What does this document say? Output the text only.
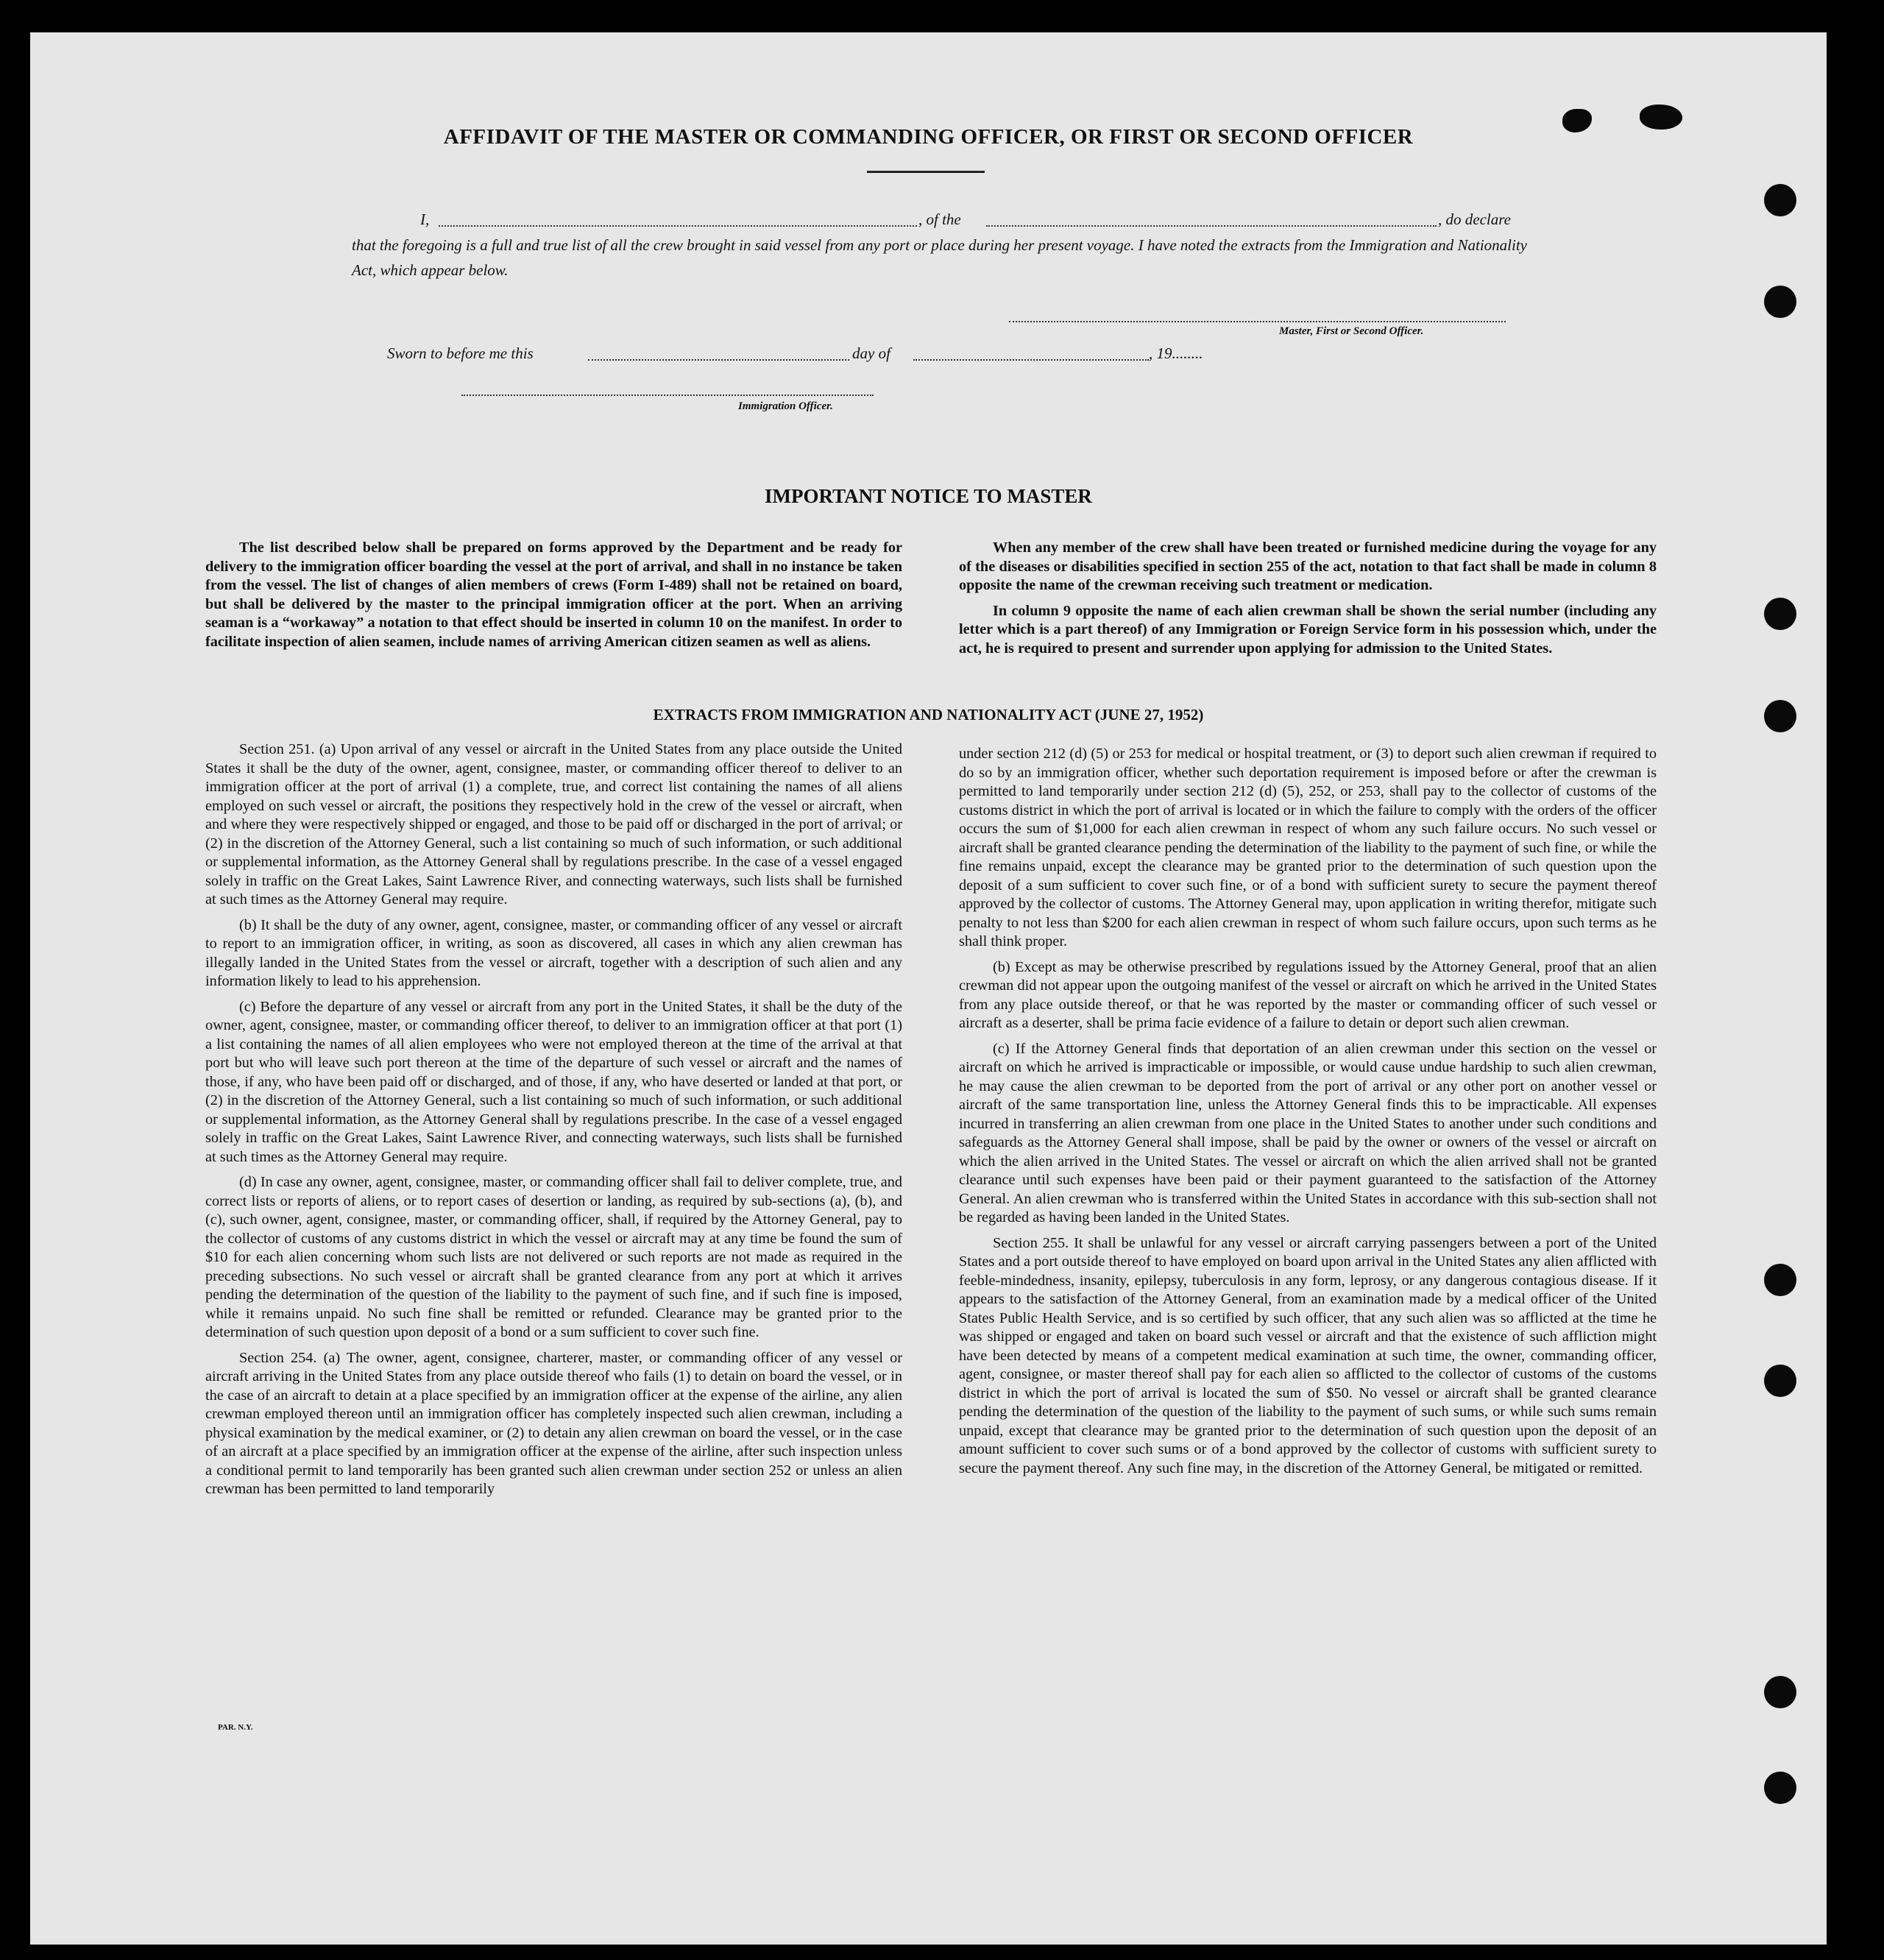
AFFIDAVIT OF THE MASTER OR COMMANDING OFFICER, OR FIRST OR SECOND OFFICER
I,	, of the	, do declare
that the foregoing is a full and true list of all the crew brought in said vessel from any port or place during her present voyage. I have noted the extracts from the Immigration and Nationality Act, which appear below.
Master, First or Second Officer.
Sworn to before me this	day of	, 19........
Immigration Officer.
IMPORTANT NOTICE TO MASTER

The list described below shall be prepared on forms approved by the Department and be ready for delivery to the immigration officer boarding the vessel at the port of arrival, and shall in no instance be taken from the vessel. The list of changes of alien members of crews (Form I-489) shall not be retained on board, but shall be delivered by the master to the principal immigration officer at the port. When an arriving seaman is a “workaway” a notation to that effect should be inserted in column 10 on the manifest. In order to facilitate inspection of alien seamen, include names of arriving American citizen seamen as well as aliens.

When any member of the crew shall have been treated or furnished medicine during the voyage for any of the diseases or disabilities specified in section 255 of the act, notation to that fact shall be made in column 8 opposite the name of the crewman receiving such treatment or medication.

In column 9 opposite the name of each alien crewman shall be shown the serial number (including any letter which is a part thereof) of any Immigration or Foreign Service form in his possession which, under the act, he is required to present and surrender upon applying for admission to the United States.

EXTRACTS FROM IMMIGRATION AND NATIONALITY ACT (JUNE 27, 1952)

Section 251. (a) Upon arrival of any vessel or aircraft in the United States from any place outside the United States it shall be the duty of the owner, agent, consignee, master, or commanding officer thereof to deliver to an immigration officer at the port of arrival (1) a complete, true, and correct list containing the names of all aliens employed on such vessel or aircraft, the positions they respectively hold in the crew of the vessel or aircraft, when and where they were respectively shipped or engaged, and those to be paid off or discharged in the port of arrival; or (2) in the discretion of the Attorney General, such a list containing so much of such information, or such additional or supplemental information, as the Attorney General shall by regulations prescribe. In the case of a vessel engaged solely in traffic on the Great Lakes, Saint Lawrence River, and connecting waterways, such lists shall be furnished at such times as the Attorney General may require.

(b) It shall be the duty of any owner, agent, consignee, master, or commanding officer of any vessel or aircraft to report to an immigration officer, in writing, as soon as discovered, all cases in which any alien crewman has illegally landed in the United States from the vessel or aircraft, together with a description of such alien and any information likely to lead to his apprehension.

(c) Before the departure of any vessel or aircraft from any port in the United States, it shall be the duty of the owner, agent, consignee, master, or commanding officer thereof, to deliver to an immigration officer at that port (1) a list containing the names of all alien employees who were not employed thereon at the time of the arrival at that port but who will leave such port thereon at the time of the departure of such vessel or aircraft and the names of those, if any, who have been paid off or discharged, and of those, if any, who have deserted or landed at that port, or (2) in the discretion of the Attorney General, such a list containing so much of such information, or such additional or supplemental information, as the Attorney General shall by regulations prescribe. In the case of a vessel engaged solely in traffic on the Great Lakes, Saint Lawrence River, and connecting waterways, such lists shall be furnished at such times as the Attorney General may require.

(d) In case any owner, agent, consignee, master, or commanding officer shall fail to deliver complete, true, and correct lists or reports of aliens, or to report cases of desertion or landing, as required by sub-sections (a), (b), and (c), such owner, agent, consignee, master, or commanding officer, shall, if required by the Attorney General, pay to the collector of customs of any customs district in which the vessel or aircraft may at any time be found the sum of $10 for each alien concerning whom such lists are not delivered or such reports are not made as required in the preceding subsections. No such vessel or aircraft shall be granted clearance from any port at which it arrives pending the determination of the question of the liability to the payment of such fine, and if such fine is imposed, while it remains unpaid. No such fine shall be remitted or refunded. Clearance may be granted prior to the determination of such question upon deposit of a bond or a sum sufficient to cover such fine.

Section 254. (a) The owner, agent, consignee, charterer, master, or commanding officer of any vessel or aircraft arriving in the United States from any place outside thereof who fails (1) to detain on board the vessel, or in the case of an aircraft to detain at a place specified by an immigration officer at the expense of the airline, any alien crewman employed thereon until an immigration officer has completely inspected such alien crewman, including a physical examination by the medical examiner, or (2) to detain any alien crewman on board the vessel, or in the case of an aircraft at a place specified by an immigration officer at the expense of the airline, after such inspection unless a conditional permit to land temporarily has been granted such alien crewman under section 252 or unless an alien crewman has been permitted to land temporarily

under section 212 (d) (5) or 253 for medical or hospital treatment, or (3) to deport such alien crewman if required to do so by an immigration officer, whether such deportation requirement is imposed before or after the crewman is permitted to land temporarily under section 212 (d) (5), 252, or 253, shall pay to the collector of customs of the customs district in which the port of arrival is located or in which the failure to comply with the orders of the officer occurs the sum of $1,000 for each alien crewman in respect of whom any such failure occurs. No such vessel or aircraft shall be granted clearance pending the determination of the liability to the payment of such fine, or while the fine remains unpaid, except the clearance may be granted prior to the determination of such question upon the deposit of a sum sufficient to cover such fine, or of a bond with sufficient surety to secure the payment thereof approved by the collector of customs. The Attorney General may, upon application in writing therefor, mitigate such penalty to not less than $200 for each alien crewman in respect of whom such failure occurs, upon such terms as he shall think proper.

(b) Except as may be otherwise prescribed by regulations issued by the Attorney General, proof that an alien crewman did not appear upon the outgoing manifest of the vessel or aircraft on which he arrived in the United States from any place outside thereof, or that he was reported by the master or commanding officer of such vessel or aircraft as a deserter, shall be prima facie evidence of a failure to detain or deport such alien crewman.

(c) If the Attorney General finds that deportation of an alien crewman under this section on the vessel or aircraft on which he arrived is impracticable or impossible, or would cause undue hardship to such alien crewman, he may cause the alien crewman to be deported from the port of arrival or any other port on another vessel or aircraft of the same transportation line, unless the Attorney General finds this to be impracticable. All expenses incurred in transferring an alien crewman from one place in the United States to another under such conditions and safeguards as the Attorney General shall impose, shall be paid by the owner or owners of the vessel or aircraft on which the alien arrived in the United States. The vessel or aircraft on which the alien arrived shall not be granted clearance until such expenses have been paid or their payment guaranteed to the satisfaction of the Attorney General. An alien crewman who is transferred within the United States in accordance with this sub-section shall not be regarded as having been landed in the United States.

Section 255. It shall be unlawful for any vessel or aircraft carrying passengers between a port of the United States and a port outside thereof to have employed on board upon arrival in the United States any alien afflicted with feeble-mindedness, insanity, epilepsy, tuberculosis in any form, leprosy, or any dangerous contagious disease. If it appears to the satisfaction of the Attorney General, from an examination made by a medical officer of the United States Public Health Service, and is so certified by such officer, that any such alien was so afflicted at the time he was shipped or engaged and taken on board such vessel or aircraft and that the existence of such affliction might have been detected by means of a competent medical examination at such time, the owner, commanding officer, agent, consignee, or master thereof shall pay for each alien so afflicted to the collector of customs of the customs district in which the port of arrival is located the sum of $50. No vessel or aircraft shall be granted clearance pending the determination of the question of the liability to the payment of such sums, or while such sums remain unpaid, except that clearance may be granted prior to the determination of such question upon the deposit of an amount sufficient to cover such sums or of a bond approved by the collector of customs with sufficient surety to secure the payment thereof. Any such fine may, in the discretion of the Attorney General, be mitigated or remitted.

PAR. N.Y.
